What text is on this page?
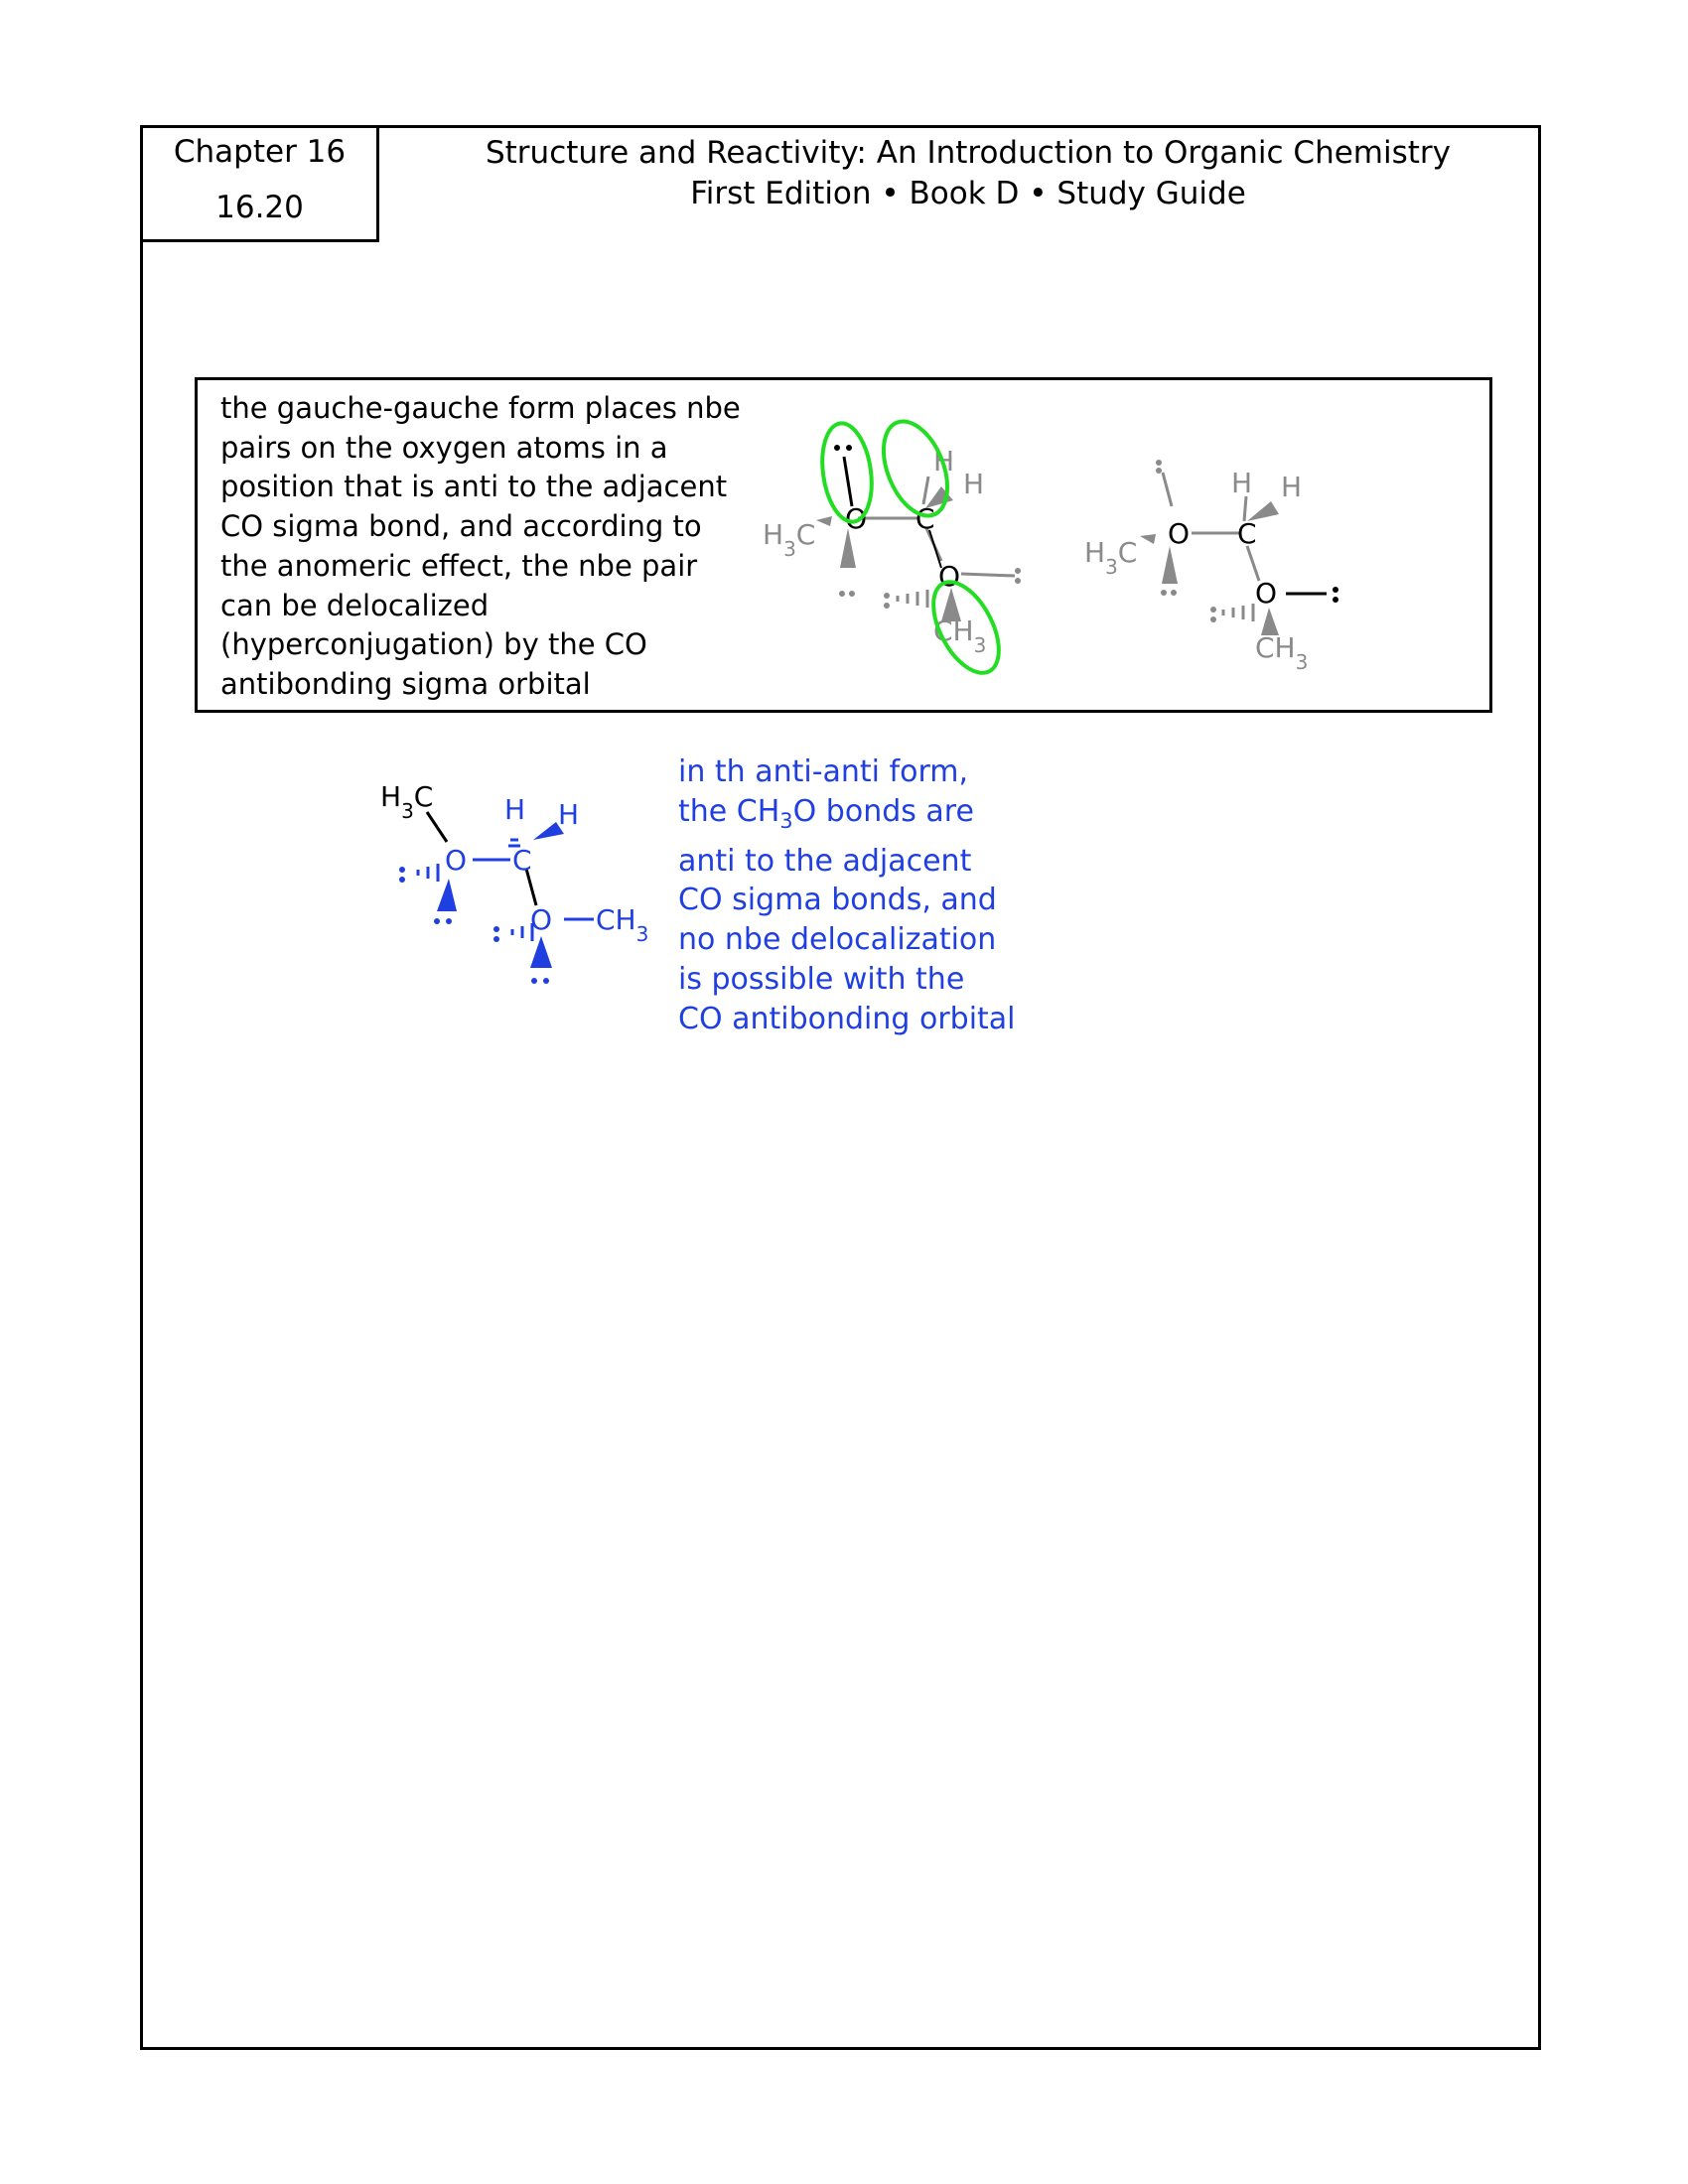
Chapter 16
16.20
Structure and Reactivity: An Introduction to Organic Chemistry
First Edition • Book D • Study Guide
the gauche-gauche form places nbe
pairs on the oxygen atoms in a
position that is anti to the adjacent
CO sigma bond, and according to
the anomeric effect, the nbe pair
can be delocalized
(hyperconjugation) by the CO
antibonding sigma orbital
in th anti-anti form,
the $CH_3O$ bonds are
anti to the adjacent
CO sigma bonds, and
no nbe delocalization
is possible with the
CO antibonding orbital
$H_3C$
H
H
$CH_3$
O C
O
$H_3C$
H H
$CH_3$
O C
O
$H_3C$
O C
H H
O $CH_3$
